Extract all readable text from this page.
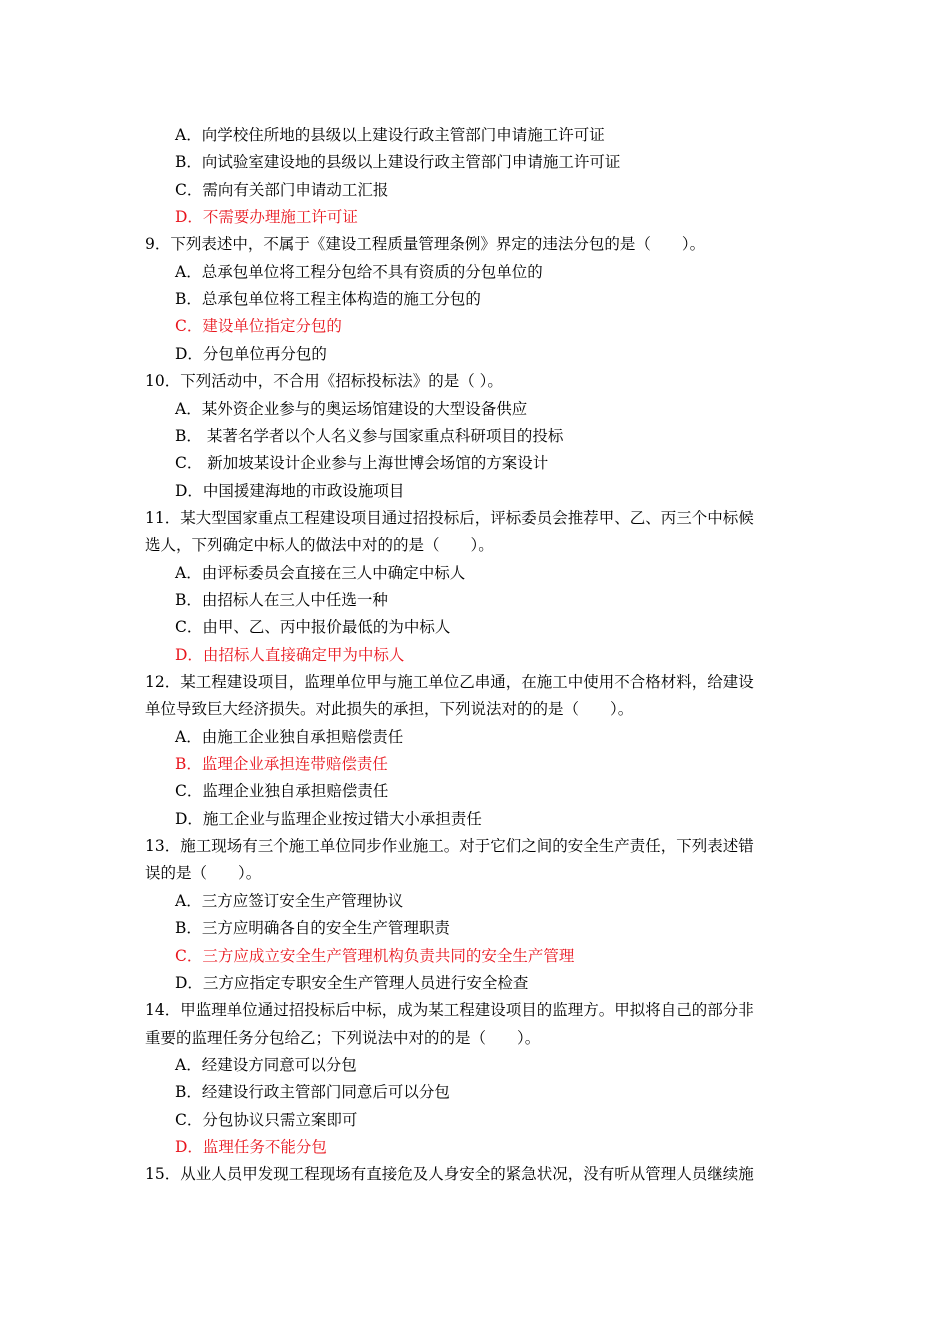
A．向学校住所地的县级以上建设行政主管部门申请施工许可证
B．向试验室建设地的县级以上建设行政主管部门申请施工许可证
C．需向有关部门申请动工汇报
D．不需要办理施工许可证
9．下列表述中，不属于《建设工程质量管理条例》界定的违法分包的是（　　）。
A．总承包单位将工程分包给不具有资质的分包单位的
B．总承包单位将工程主体构造的施工分包的
C．建设单位指定分包的
D．分包单位再分包的
10．下列活动中，不合用《招标投标法》的是（ ）。
A．某外资企业参与的奥运场馆建设的大型设备供应
B． 某著名学者以个人名义参与国家重点科研项目的投标
C． 新加坡某设计企业参与上海世博会场馆的方案设计
D．中国援建海地的市政设施项目
11．某大型国家重点工程建设项目通过招投标后，评标委员会推荐甲、乙、丙三个中标候
选人，下列确定中标人的做法中对的的是（　　）。
A．由评标委员会直接在三人中确定中标人
B．由招标人在三人中任选一种
C．由甲、乙、丙中报价最低的为中标人
D．由招标人直接确定甲为中标人
12．某工程建设项目，监理单位甲与施工单位乙串通，在施工中使用不合格材料，给建设
单位导致巨大经济损失。对此损失的承担，下列说法对的的是（　　）。
A．由施工企业独自承担赔偿责任
B．监理企业承担连带赔偿责任
C．监理企业独自承担赔偿责任
D．施工企业与监理企业按过错大小承担责任
13．施工现场有三个施工单位同步作业施工。对于它们之间的安全生产责任，下列表述错
误的是（　　）。
A．三方应签订安全生产管理协议
B．三方应明确各自的安全生产管理职责
C．三方应成立安全生产管理机构负责共同的安全生产管理
D．三方应指定专职安全生产管理人员进行安全检查
14．甲监理单位通过招投标后中标，成为某工程建设项目的监理方。甲拟将自己的部分非
重要的监理任务分包给乙；下列说法中对的的是（　　）。
A．经建设方同意可以分包
B．经建设行政主管部门同意后可以分包
C．分包协议只需立案即可
D．监理任务不能分包
15．从业人员甲发现工程现场有直接危及人身安全的紧急状况，没有听从管理人员继续施
